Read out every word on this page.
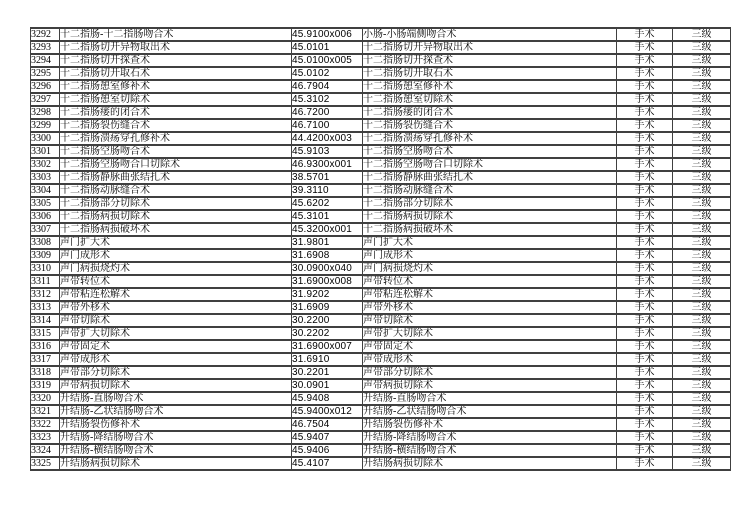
3292	十二指肠-十二指肠吻合术	45.9100x006	小肠-小肠端侧吻合术	手术	三级
3293	十二指肠切开异物取出术	45.0101	十二指肠切开异物取出术	手术	三级
3294	十二指肠切开探查术	45.0100x005	十二指肠切开探查术	手术	三级
3295	十二指肠切开取石术	45.0102	十二指肠切开取石术	手术	三级
3296	十二指肠憩室修补术	46.7904	十二指肠憩室修补术	手术	三级
3297	十二指肠憩室切除术	45.3102	十二指肠憩室切除术	手术	三级
3298	十二指肠瘘的闭合术	46.7200	十二指肠瘘的闭合术	手术	三级
3299	十二指肠裂伤缝合术	46.7100	十二指肠裂伤缝合术	手术	三级
3300	十二指肠溃疡穿孔修补术	44.4200x003	十二指肠溃疡穿孔修补术	手术	三级
3301	十二指肠空肠吻合术	45.9103	十二指肠空肠吻合术	手术	三级
3302	十二指肠空肠吻合口切除术	46.9300x001	十二指肠空肠吻合口切除术	手术	三级
3303	十二指肠静脉曲张结扎术	38.5701	十二指肠静脉曲张结扎术	手术	三级
3304	十二指肠动脉缝合术	39.3110	十二指肠动脉缝合术	手术	三级
3305	十二指肠部分切除术	45.6202	十二指肠部分切除术	手术	三级
3306	十二指肠病损切除术	45.3101	十二指肠病损切除术	手术	三级
3307	十二指肠病损破坏术	45.3200x001	十二指肠病损破坏术	手术	三级
3308	声门扩大术	31.9801	声门扩大术	手术	三级
3309	声门成形术	31.6908	声门成形术	手术	三级
3310	声门病损烧灼术	30.0900x040	声门病损烧灼术	手术	三级
3311	声带转位术	31.6900x008	声带转位术	手术	三级
3312	声带粘连松解术	31.9202	声带粘连松解术	手术	三级
3313	声带外移术	31.6909	声带外移术	手术	三级
3314	声带切除术	30.2200	声带切除术	手术	三级
3315	声带扩大切除术	30.2202	声带扩大切除术	手术	三级
3316	声带固定术	31.6900x007	声带固定术	手术	三级
3317	声带成形术	31.6910	声带成形术	手术	三级
3318	声带部分切除术	30.2201	声带部分切除术	手术	三级
3319	声带病损切除术	30.0901	声带病损切除术	手术	三级
3320	升结肠-直肠吻合术	45.9408	升结肠-直肠吻合术	手术	三级
3321	升结肠-乙状结肠吻合术	45.9400x012	升结肠-乙状结肠吻合术	手术	三级
3322	升结肠裂伤修补术	46.7504	升结肠裂伤修补术	手术	三级
3323	升结肠-降结肠吻合术	45.9407	升结肠-降结肠吻合术	手术	三级
3324	升结肠-横结肠吻合术	45.9406	升结肠-横结肠吻合术	手术	三级
3325	升结肠病损切除术	45.4107	升结肠病损切除术	手术	三级
